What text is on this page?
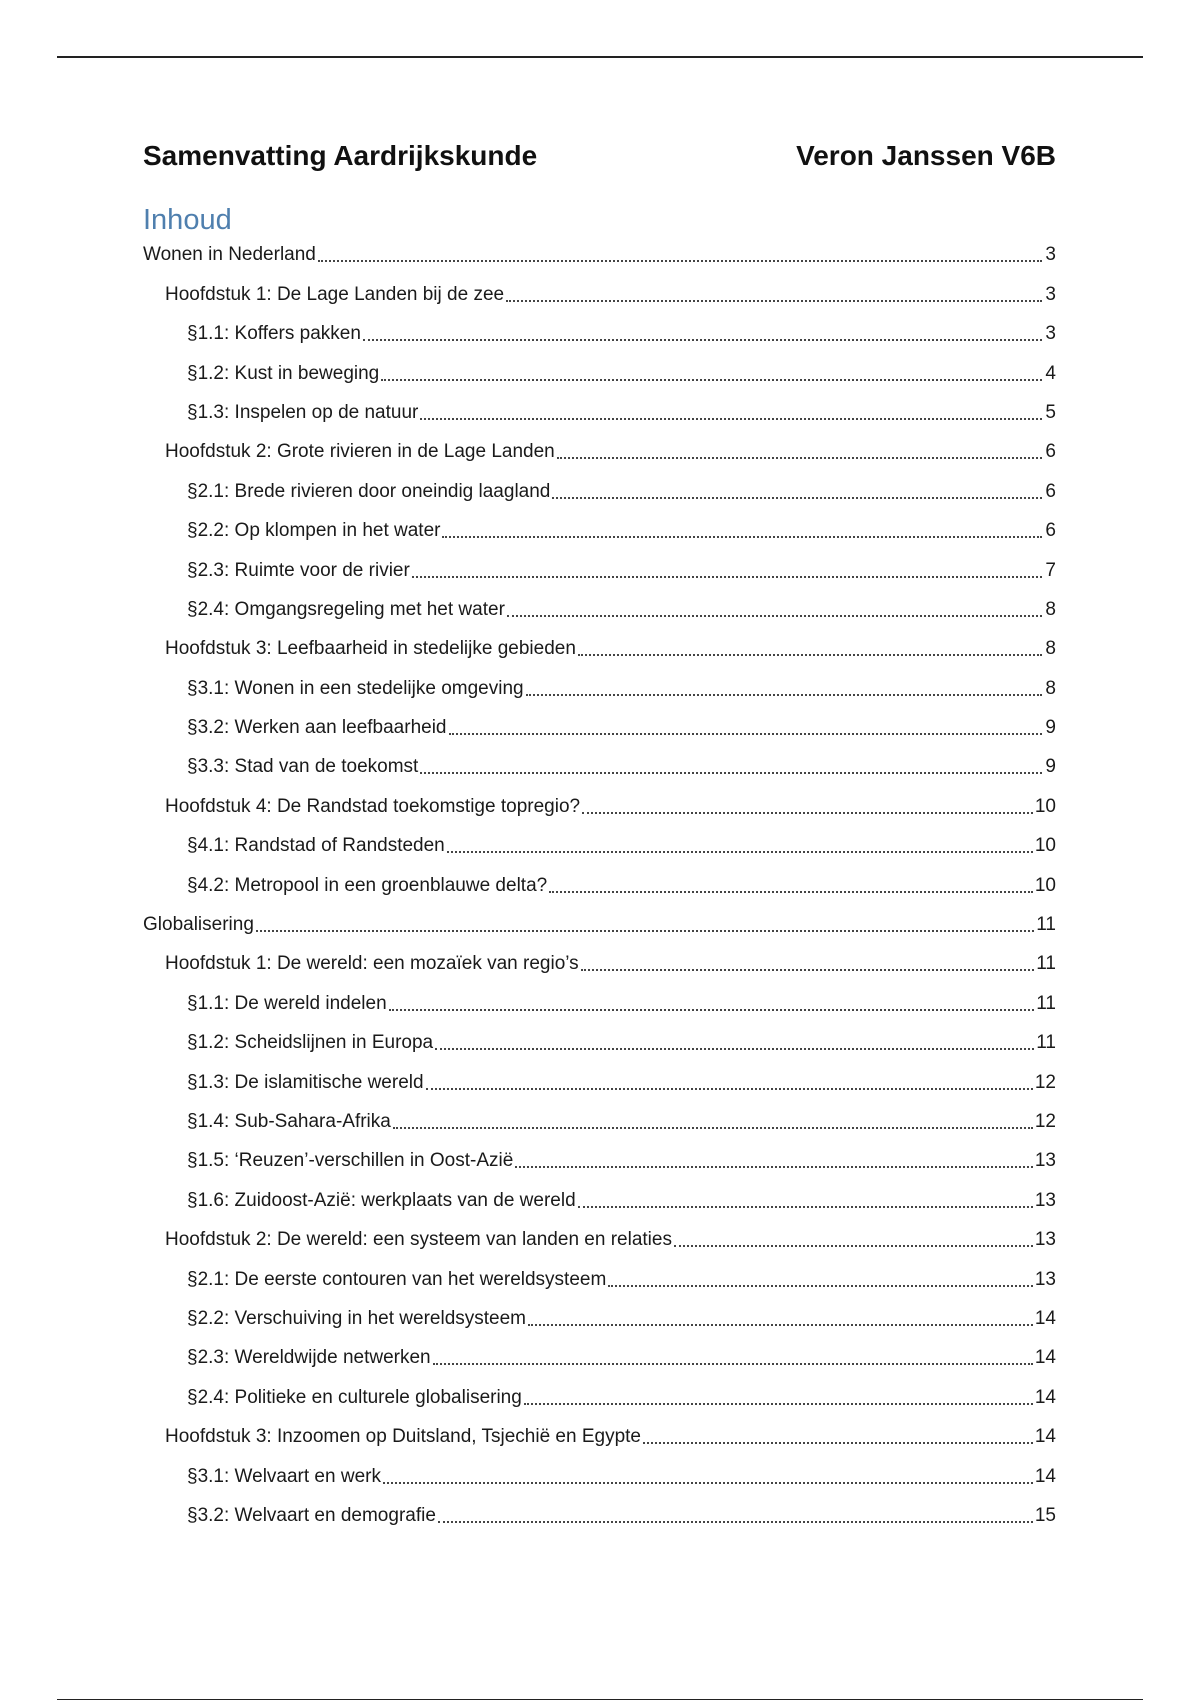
Samenvatting Aardrijkskunde	Veron Janssen V6B
Inhoud
Wonen in Nederland	3
Hoofdstuk 1: De Lage Landen bij de zee	3
§1.1: Koffers pakken	3
§1.2: Kust in beweging	4
§1.3: Inspelen op de natuur	5
Hoofdstuk 2: Grote rivieren in de Lage Landen	6
§2.1: Brede rivieren door oneindig laagland	6
§2.2: Op klompen in het water	6
§2.3: Ruimte voor de rivier	7
§2.4: Omgangsregeling met het water	8
Hoofdstuk 3: Leefbaarheid in stedelijke gebieden	8
§3.1: Wonen in een stedelijke omgeving	8
§3.2: Werken aan leefbaarheid	9
§3.3: Stad van de toekomst	9
Hoofdstuk 4: De Randstad toekomstige topregio?	10
§4.1: Randstad of Randsteden	10
§4.2: Metropool in een groenblauwe delta?	10
Globalisering	11
Hoofdstuk 1: De wereld: een mozaïek van regio’s	11
§1.1: De wereld indelen	11
§1.2: Scheidslijnen in Europa	11
§1.3: De islamitische wereld	12
§1.4: Sub-Sahara-Afrika	12
§1.5: ‘Reuzen’-verschillen in Oost-Azië	13
§1.6: Zuidoost-Azië: werkplaats van de wereld	13
Hoofdstuk 2: De wereld: een systeem van landen en relaties	13
§2.1: De eerste contouren van het wereldsysteem	13
§2.2: Verschuiving in het wereldsysteem	14
§2.3: Wereldwijde netwerken	14
§2.4: Politieke en culturele globalisering	14
Hoofdstuk 3: Inzoomen op Duitsland, Tsjechië en Egypte	14
§3.1: Welvaart en werk	14
§3.2: Welvaart en demografie	15
